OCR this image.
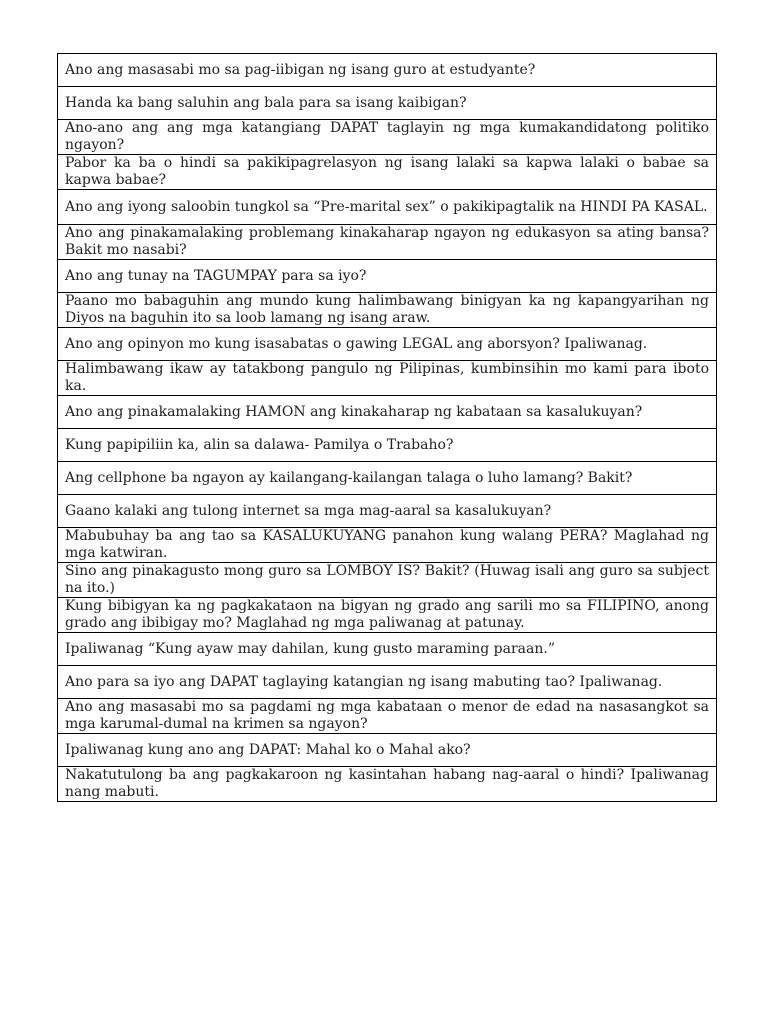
Ano ang masasabi mo sa pag-iibigan ng isang guro at estudyante?
Handa ka bang saluhin ang bala para sa isang kaibigan?
Ano-ano ang ang mga katangiang DAPAT taglayin ng mga kumakandidatong politiko ngayon?
Pabor ka ba o hindi sa pakikipagrelasyon ng isang lalaki sa kapwa lalaki o babae sa kapwa babae?
Ano ang iyong saloobin tungkol sa “Pre-marital sex” o pakikipagtalik na HINDI PA KASAL.
Ano ang pinakamalaking problemang kinakaharap ngayon ng edukasyon sa ating bansa? Bakit mo nasabi?
Ano ang tunay na TAGUMPAY para sa iyo?
Paano mo babaguhin ang mundo kung halimbawang binigyan ka ng kapangyarihan ng Diyos na baguhin ito sa loob lamang ng isang araw.
Ano ang opinyon mo kung isasabatas o gawing LEGAL ang aborsyon? Ipaliwanag.
Halimbawang ikaw ay tatakbong pangulo ng Pilipinas, kumbinsihin mo kami para iboto ka.
Ano ang pinakamalaking HAMON ang kinakaharap ng kabataan sa kasalukuyan?
Kung papipiliin ka, alin sa dalawa- Pamilya o Trabaho?
Ang cellphone ba ngayon ay kailangang-kailangan talaga o luho lamang? Bakit?
Gaano kalaki ang tulong internet sa mga mag-aaral sa kasalukuyan?
Mabubuhay ba ang tao sa KASALUKUYANG panahon kung walang PERA? Maglahad ng mga katwiran.
Sino ang pinakagusto mong guro sa LOMBOY IS? Bakit? (Huwag isali ang guro sa subject na ito.)
Kung bibigyan ka ng pagkakataon na bigyan ng grado ang sarili mo sa FILIPINO, anong grado ang ibibigay mo? Maglahad ng mga paliwanag at patunay.
Ipaliwanag “Kung ayaw may dahilan, kung gusto maraming paraan.”
Ano para sa iyo ang DAPAT taglaying katangian ng isang mabuting tao? Ipaliwanag.
Ano ang masasabi mo sa pagdami ng mga kabataan o menor de edad na nasasangkot sa mga karumal-dumal na krimen sa ngayon?
Ipaliwanag kung ano ang DAPAT: Mahal ko o Mahal ako?
Nakatutulong ba ang pagkakaroon ng kasintahan habang nag-aaral o hindi? Ipaliwanag nang mabuti.
